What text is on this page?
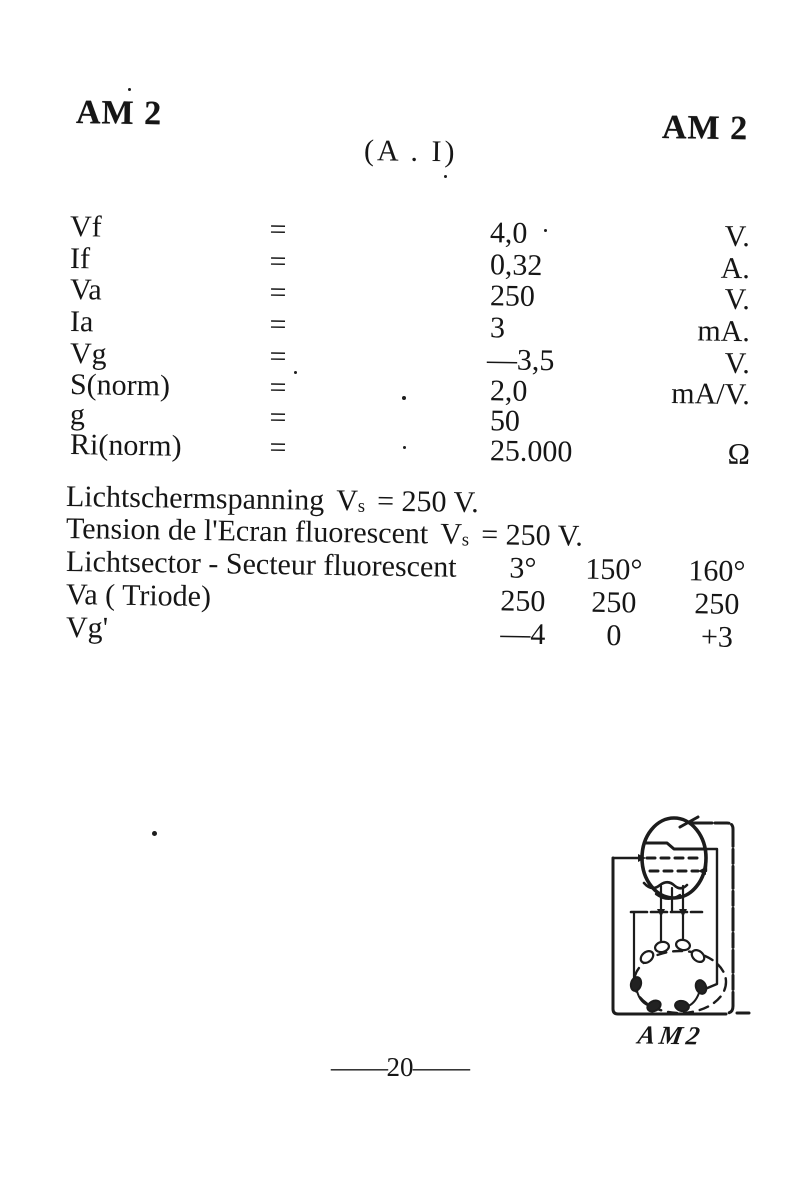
AM 2	AM 2
(A . I)
Vf	=	4,0	V.
If	=	0,32	A.
Va	=	250	V.
Ia	=	3	mA.
Vg	=	—3,5	V.
S(norm)	=	2,0	mA/V.
g	=	50
Ri(norm)	=	25.000	Ω
Lichtschermspanning Vs = 250 V.
Tension de l'Ecran fluorescent Vs = 250 V.
Lichtsector - Secteur fluorescent	3°	150°	160°
Va ( Triode)	250	250	250
Vg'	—4	0	+3
AM2
—20—
